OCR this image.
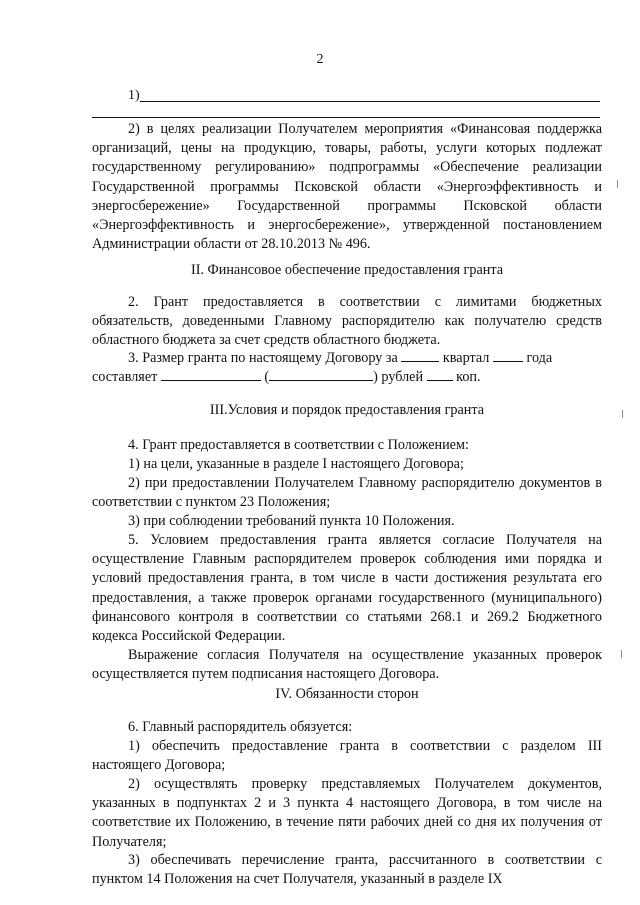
2
1)

2) в целях реализации Получателем мероприятия «Финансовая поддержка организаций, цены на продукцию, товары, работы, услуги которых подлежат государственному регулированию» подпрограммы «Обеспечение реализации Государственной программы Псковской области «Энергоэффективность и энергосбережение» Государственной программы Псковской области «Энергоэффективность и энергосбережение», утвержденной постановлением Администрации области от 28.10.2013 № 496.

II. Финансовое обеспечение предоставления гранта

2. Грант предоставляется в соответствии с лимитами бюджетных обязательств, доведенными Главному распорядителю как получателю средств областного бюджета за счет средств областного бюджета.

3. Размер гранта по настоящему Договору за	квартал	года составляет	(	) рублей коп.

III.Условия и порядок предоставления гранта

4. Грант предоставляется в соответствии с Положением:

1) на цели, указанные в разделе I настоящего Договора;

2) при предоставлении Получателем Главному распорядителю документов в соответствии с пунктом 23 Положения;

3) при соблюдении требований пункта 10 Положения.

5. Условием предоставления гранта является согласие Получателя на осуществление Главным распорядителем проверок соблюдения ими порядка и условий предоставления гранта, в том числе в части достижения результата его предоставления, а также проверок органами государственного (муниципального) финансового контроля в соответствии со статьями 268.1 и 269.2 Бюджетного кодекса Российской Федерации.

Выражение согласия Получателя на осуществление указанных проверок осуществляется путем подписания настоящего Договора.

IV. Обязанности сторон

6. Главный распорядитель обязуется:

1) обеспечить предоставление гранта в соответствии с разделом III настоящего Договора;

2) осуществлять проверку представляемых Получателем документов, указанных в подпунктах 2 и 3 пункта 4 настоящего Договора, в том числе на соответствие их Положению, в течение пяти рабочих дней со дня их получения от Получателя;

3) обеспечивать перечисление гранта, рассчитанного в соответствии с пунктом 14 Положения на счет Получателя, указанный в разделе IX
